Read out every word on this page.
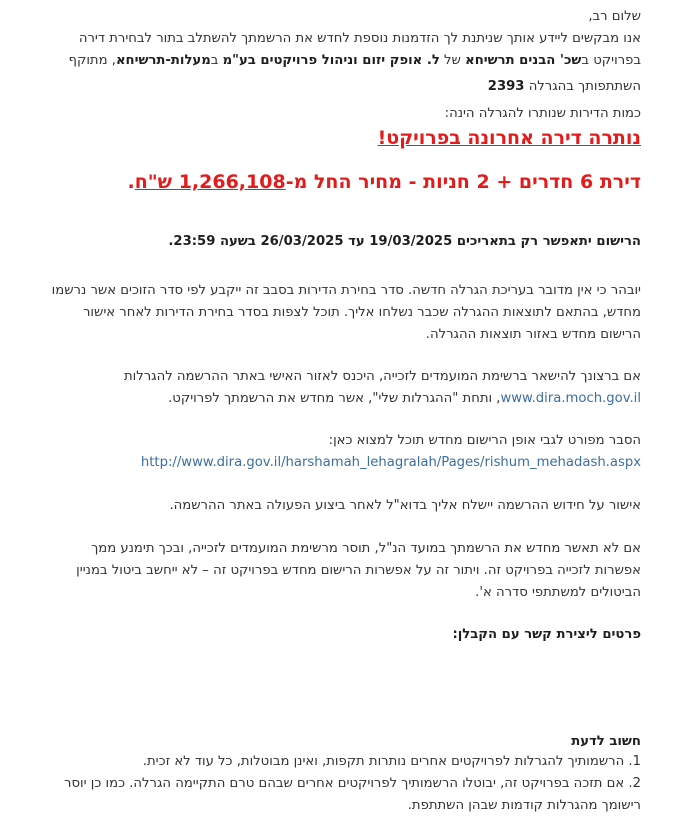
שלום רב,
אנו מבקשים ליידע אותך שניתנת לך הזדמנות נוספת לחדש את הרשמתך להשתלב בתור לבחירת דירה
בפרויקט בשכ' הבנים תרשיחא של ל. אופק יזום וניהול פרויקטים בע"מ במעלות-תרשיחא, מתוקף
השתתפותך בהגרלה 2393
כמות הדירות שנותרו להגרלה הינה:
נותרה דירה אחרונה בפרויקט!
דירת 6 חדרים + 2 חניות - מחיר החל מ-1,266,108 ש"ח.
הרישום יתאפשר רק בתאריכים 19/03/2025 עד 26/03/2025 בשעה 23:59.
יובהר כי אין מדובר בעריכת הגרלה חדשה. סדר בחירת הדירות בסבב זה ייקבע לפי סדר הזוכים אשר נרשמו
מחדש, בהתאם לתוצאות ההגרלה שכבר נשלחו אליך. תוכל לצפות בסדר בחירת הדירות לאחר אישור
הרישום מחדש באזור תוצאות ההגרלה.
אם ברצונך להישאר ברשימת המועמדים לזכייה, היכנס לאזור האישי באתר ההרשמה להגרלות
www.dira.moch.gov.il, ותחת "ההגרלות שלי", אשר מחדש את הרשמתך לפרויקט.
הסבר מפורט לגבי אופן הרישום מחדש תוכל למצוא כאן:
http://www.dira.gov.il/harshamah_lehagralah/Pages/rishum_mehadash.aspx
אישור על חידוש ההרשמה יישלח אליך בדוא"ל לאחר ביצוע הפעולה באתר ההרשמה.
אם לא תאשר מחדש את הרשמתך במועד הנ"ל, תוסר מרשימת המועמדים לזכייה, ובכך תימנע ממך
אפשרות לזכייה בפרויקט זה. ויתור זה על אפשרות הרישום מחדש בפרויקט זה – לא ייחשב ביטול במניין
הביטולים למשתתפי סדרה א'.
פרטים ליצירת קשר עם הקבלן:
חשוב לדעת
1. הרשמותיך להגרלות לפרויקטים אחרים נותרות תקפות, ואינן מבוטלות, כל עוד לא זכית.
2. אם תזכה בפרויקט זה, יבוטלו הרשמותיך לפרויקטים אחרים שבהם טרם התקיימה הגרלה. כמו כן יוסר
רישומך מהגרלות קודמות שבהן השתתפת.
